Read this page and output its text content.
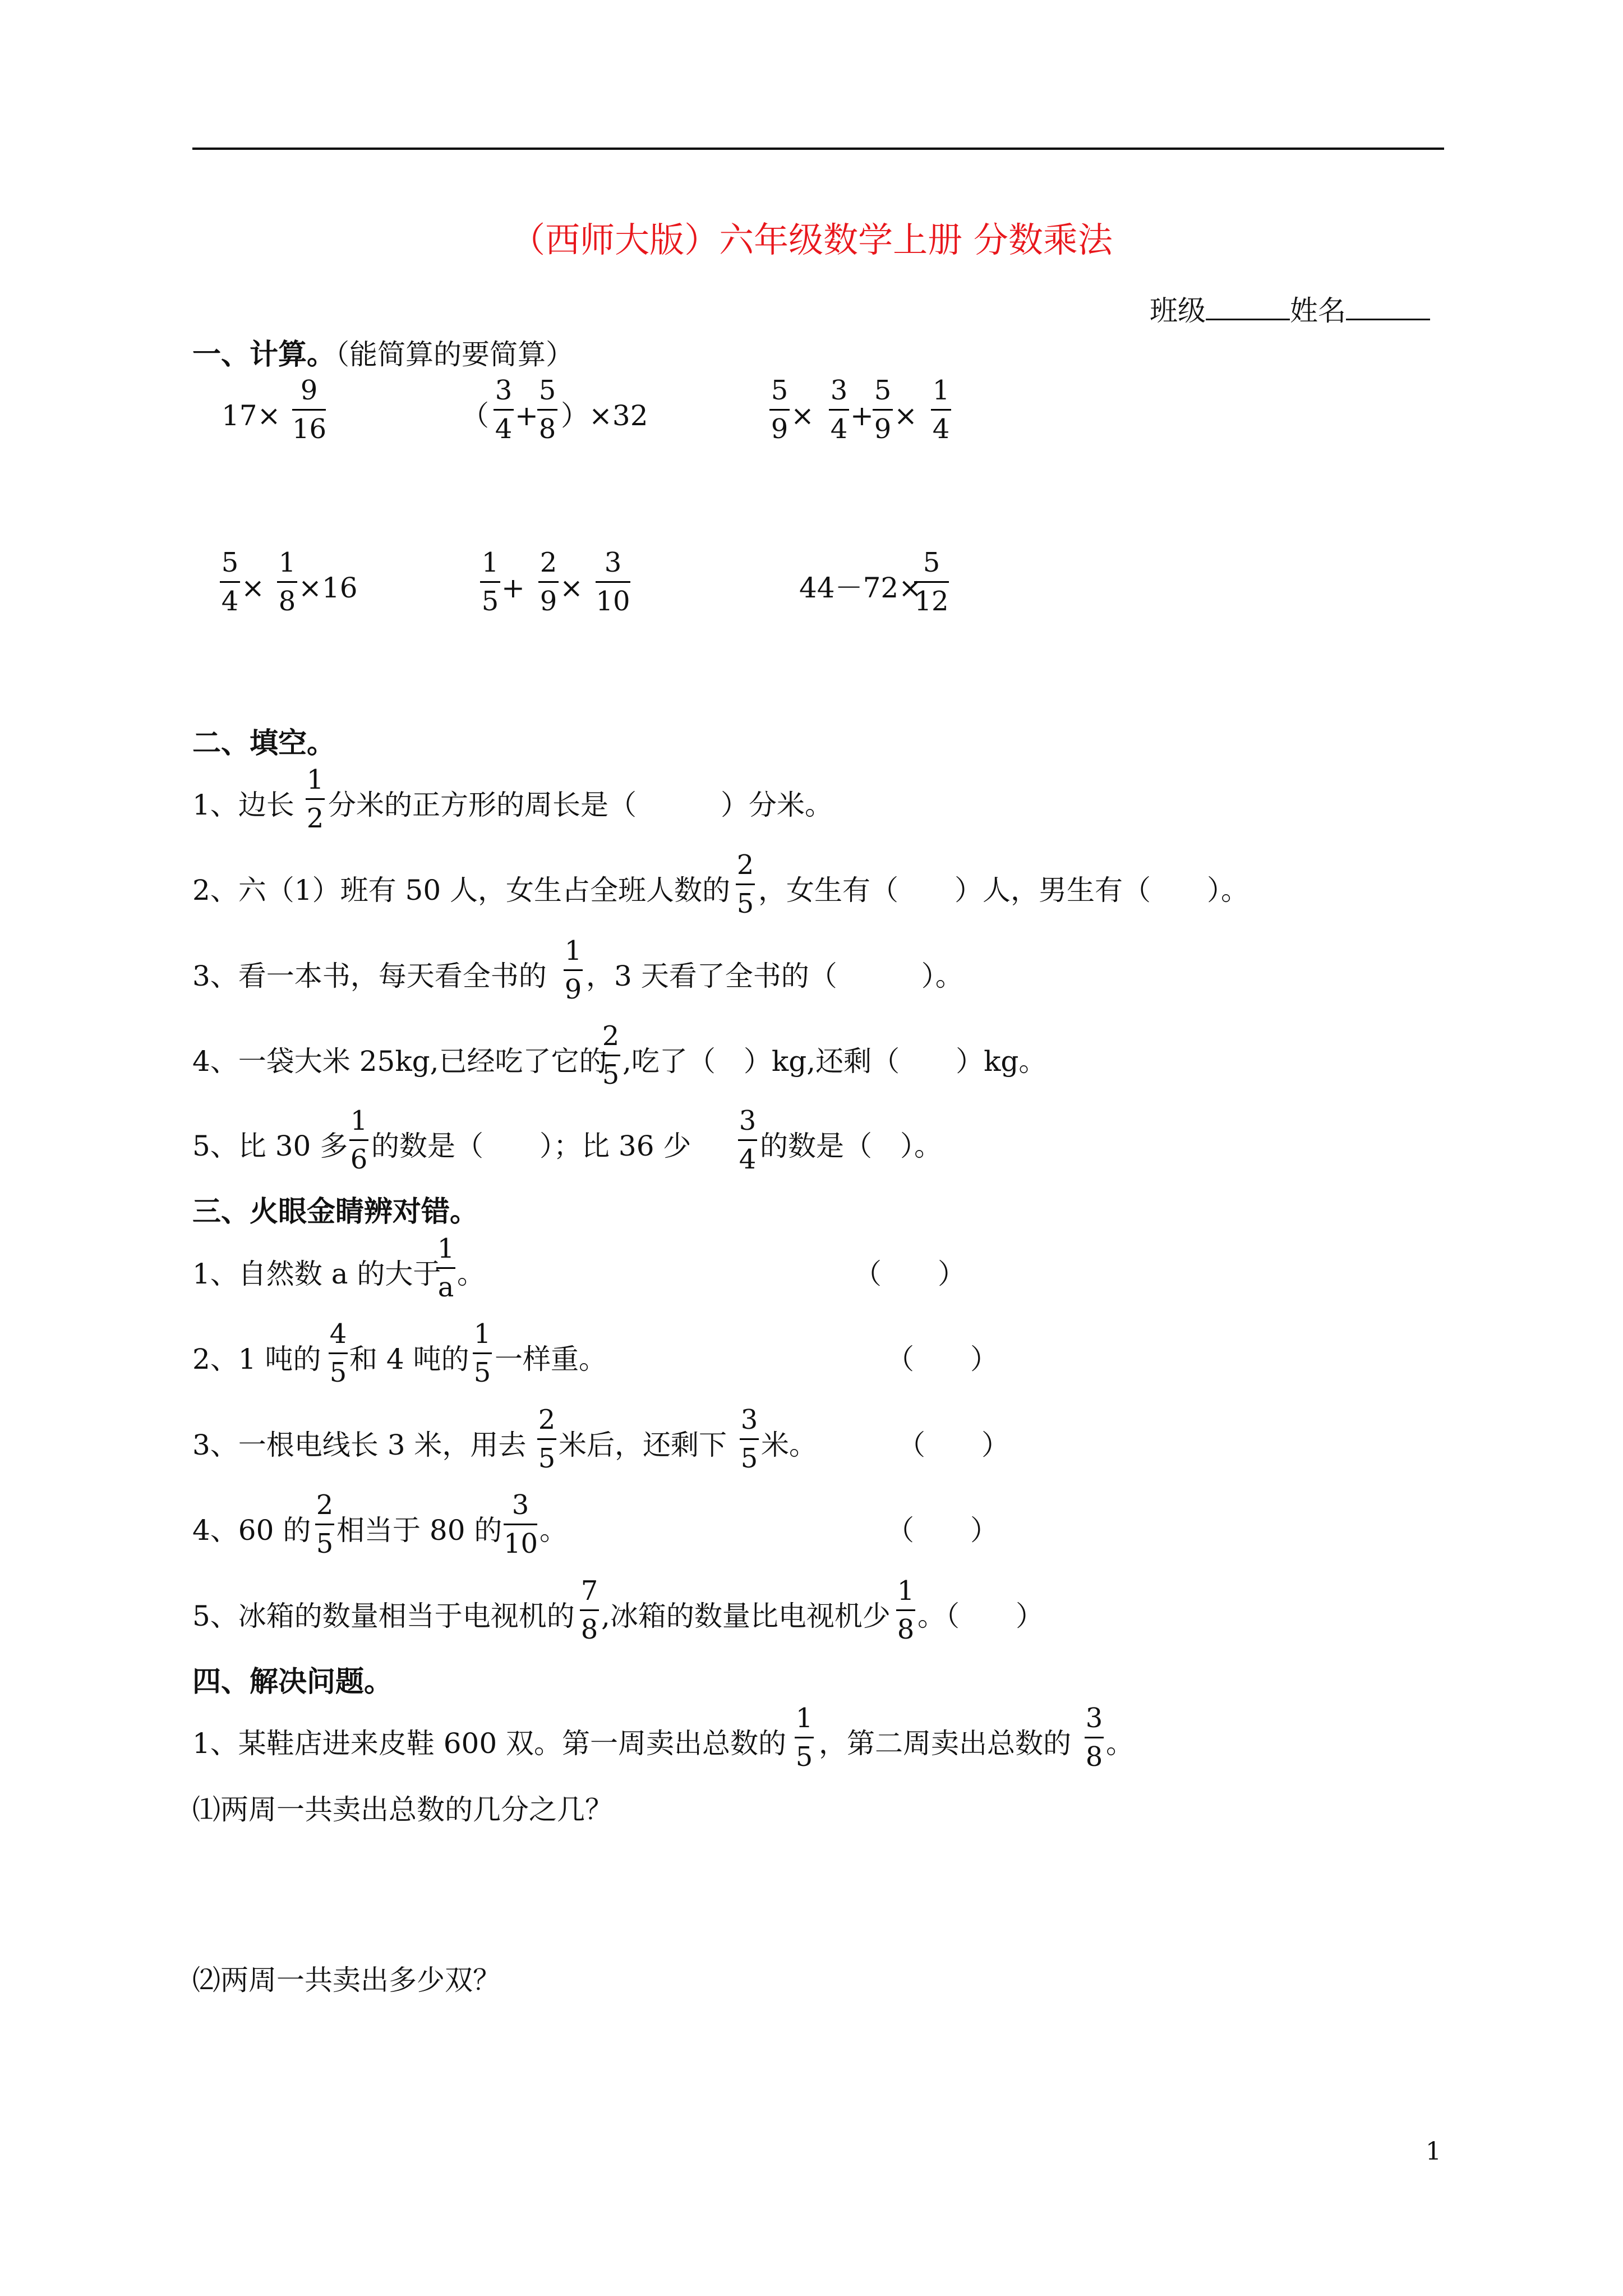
（西师大版）六年级数学上册 分数乘法
班级	姓名
一、计算。（能简算的要简算）
17×
9
16	（
3
4 +
5
8 ）×32
5
9 ×
3
4 +
5
9 ×
1
4
5
4 ×
1
8 ×16
1
5 +
2
9 ×
3
10	44－72×
5
12
二、填空。
1、边长
1
2 分米的正方形的周长是（　　　）分米。
2、六（1）班有 50 人，女生占全班人数的
2
5 ，女生有（　　）人，男生有（　　）。
3、看一本书，每天看全书的
1
9 ，3 天看了全书的（　　　）。
4、一袋大米 25kg,已经吃了它的
2
5 ,吃了（　）kg,还剩（　　）kg。
5、比 30 多
1
6 的数是（　　）；比 36 少
3
4 的数是（　）。
三、火眼金睛辨对错。
1、自然数 a 的大于
1
a 。	（　　）
2、1 吨的
4
5 和 4 吨的
1
5 一样重。	（　　）
3、一根电线长 3 米，用去
2
5 米后，还剩下
3
5 米。	（　　）
4、60 的
2
5 相当于 80 的
3
10 。	（　　）
5、冰箱的数量相当于电视机的
7
8 ,冰箱的数量比电视机少
1
8 。（　　）
四、解决问题。
1、某鞋店进来皮鞋 600 双。第一周卖出总数的
1
5 ，第二周卖出总数的
3
8 。
⑴两周一共卖出总数的几分之几？
⑵两周一共卖出多少双？
1
